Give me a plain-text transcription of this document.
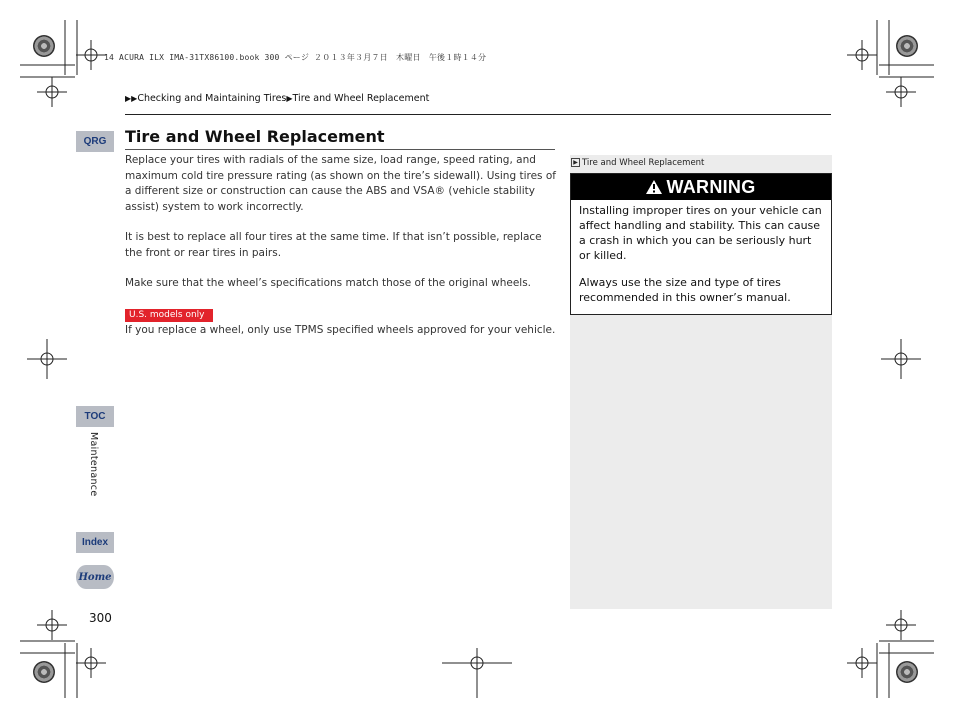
14 ACURA ILX IMA-31TX86100.book 300 ページ ２０１３年３月７日　木曜日　午後１時１４分
▶▶Checking and Maintaining Tires▶Tire and Wheel Replacement
QRG
TOC
Maintenance
Index
Home
300
Tire and Wheel Replacement
Replace your tires with radials of the same size, load range, speed rating, and maximum cold tire pressure rating (as shown on the tire’s sidewall). Using tires of a different size or construction can cause the ABS and VSA® (vehicle stability assist) system to work incorrectly.
It is best to replace all four tires at the same time. If that isn’t possible, replace the front or rear tires in pairs.
Make sure that the wheel’s specifications match those of the original wheels.
U.S. models only
If you replace a wheel, only use TPMS specified wheels approved for your vehicle.
▶ Tire and Wheel Replacement
WARNING
Installing improper tires on your vehicle can affect handling and stability. This can cause a crash in which you can be seriously hurt or killed.
Always use the size and type of tires recommended in this owner’s manual.
